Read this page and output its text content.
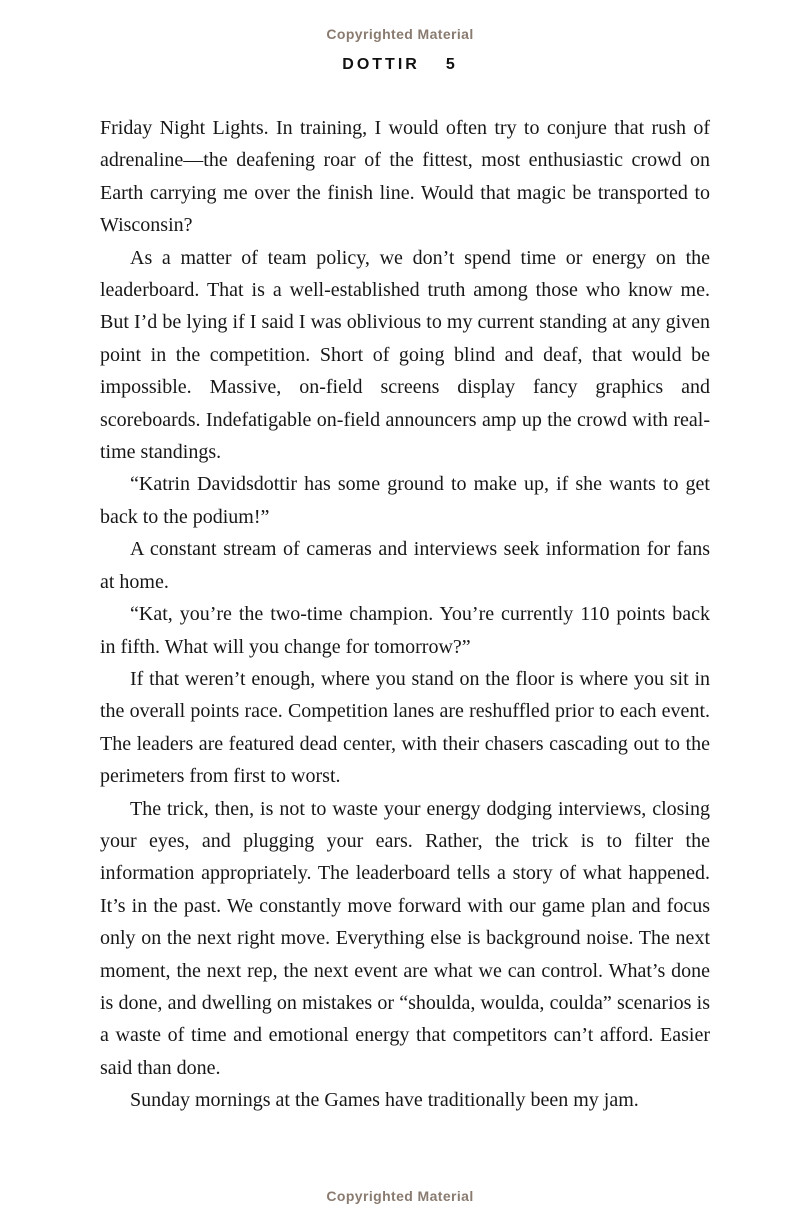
Copyrighted Material
DOTTIR 5

Friday Night Lights. In training, I would often try to conjure that rush of adrenaline—the deafening roar of the fittest, most enthusiastic crowd on Earth carrying me over the finish line. Would that magic be transported to Wisconsin?

As a matter of team policy, we don’t spend time or energy on the leaderboard. That is a well-established truth among those who know me. But I’d be lying if I said I was oblivious to my current standing at any given point in the competition. Short of going blind and deaf, that would be impossible. Massive, on-field screens display fancy graphics and scoreboards. Indefatigable on-field announcers amp up the crowd with real-time standings.

“Katrin Davidsdottir has some ground to make up, if she wants to get back to the podium!”

A constant stream of cameras and interviews seek information for fans at home.

“Kat, you’re the two-time champion. You’re currently 110 points back in fifth. What will you change for tomorrow?”

If that weren’t enough, where you stand on the floor is where you sit in the overall points race. Competition lanes are reshuffled prior to each event. The leaders are featured dead center, with their chasers cascading out to the perimeters from first to worst.

The trick, then, is not to waste your energy dodging interviews, closing your eyes, and plugging your ears. Rather, the trick is to filter the information appropriately. The leaderboard tells a story of what happened. It’s in the past. We constantly move forward with our game plan and focus only on the next right move. Everything else is background noise. The next moment, the next rep, the next event are what we can control. What’s done is done, and dwelling on mistakes or “shoulda, woulda, coulda” scenarios is a waste of time and emotional energy that competitors can’t afford. Easier said than done.

Sunday mornings at the Games have traditionally been my jam.

Copyrighted Material
